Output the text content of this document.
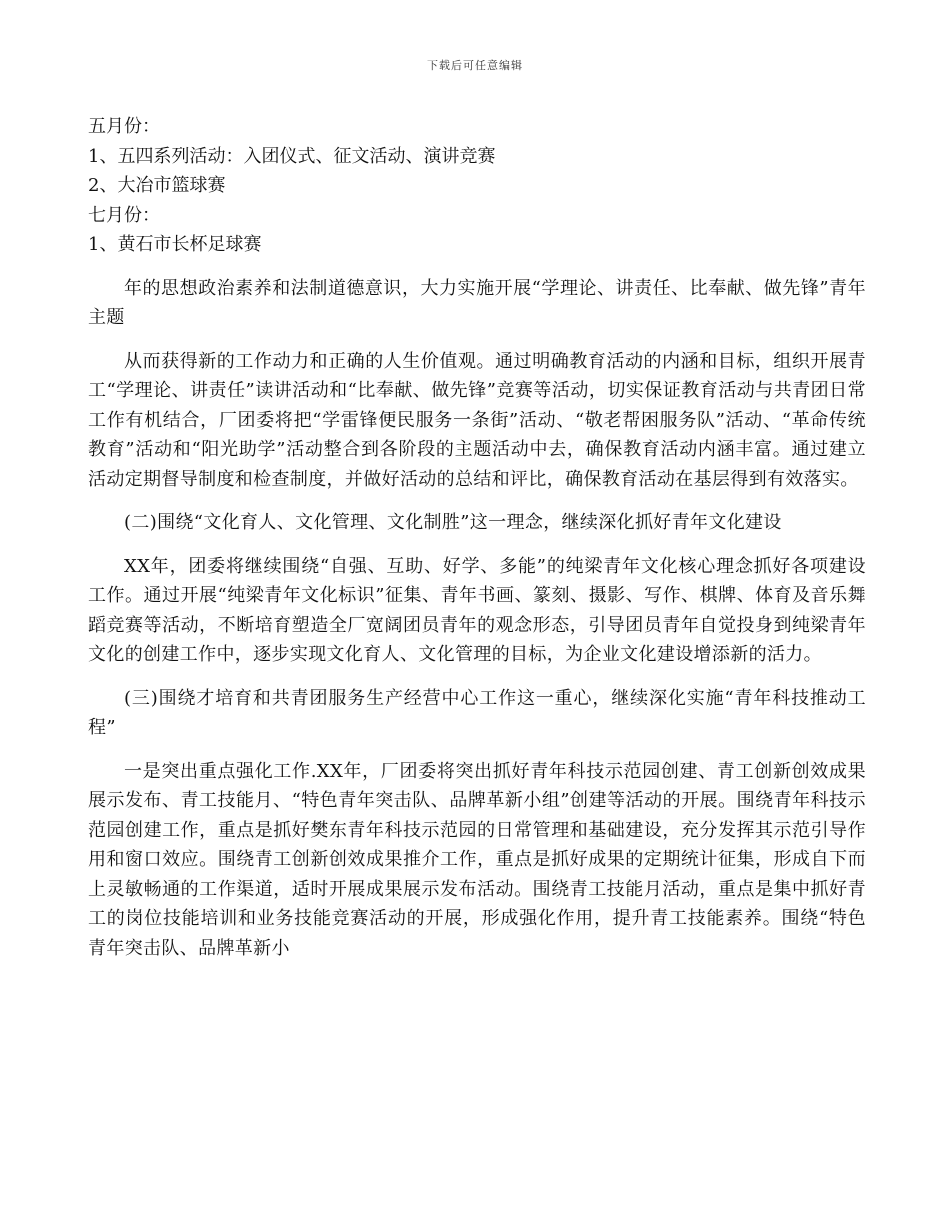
下载后可任意编辑

五月份：

1、五四系列活动：入团仪式、征文活动、演讲竞赛

2、大冶市篮球赛

七月份：

1、黄石市长杯足球赛

年的思想政治素养和法制道德意识，大力实施开展“学理论、讲责任、比奉献、做先锋”青年主题

从而获得新的工作动力和正确的人生价值观。通过明确教育活动的内涵和目标，组织开展青工“学理论、讲责任”读讲活动和“比奉献、做先锋”竞赛等活动，切实保证教育活动与共青团日常工作有机结合，厂团委将把“学雷锋便民服务一条街”活动、“敬老帮困服务队”活动、“革命传统教育”活动和“阳光助学”活动整合到各阶段的主题活动中去，确保教育活动内涵丰富。通过建立活动定期督导制度和检查制度，并做好活动的总结和评比，确保教育活动在基层得到有效落实。

(二)围绕“文化育人、文化管理、文化制胜”这一理念，继续深化抓好青年文化建设

XX年，团委将继续围绕“自强、互助、好学、多能”的纯梁青年文化核心理念抓好各项建设工作。通过开展“纯梁青年文化标识”征集、青年书画、篆刻、摄影、写作、棋牌、体育及音乐舞蹈竞赛等活动，不断培育塑造全厂宽阔团员青年的观念形态，引导团员青年自觉投身到纯梁青年文化的创建工作中，逐步实现文化育人、文化管理的目标，为企业文化建设增添新的活力。

(三)围绕才培育和共青团服务生产经营中心工作这一重心，继续深化实施“青年科技推动工程”

一是突出重点强化工作.XX年，厂团委将突出抓好青年科技示范园创建、青工创新创效成果展示发布、青工技能月、“特色青年突击队、品牌革新小组”创建等活动的开展。围绕青年科技示范园创建工作，重点是抓好樊东青年科技示范园的日常管理和基础建设，充分发挥其示范引导作用和窗口效应。围绕青工创新创效成果推介工作，重点是抓好成果的定期统计征集，形成自下而上灵敏畅通的工作渠道，适时开展成果展示发布活动。围绕青工技能月活动，重点是集中抓好青工的岗位技能培训和业务技能竞赛活动的开展，形成强化作用，提升青工技能素养。围绕“特色青年突击队、品牌革新小
